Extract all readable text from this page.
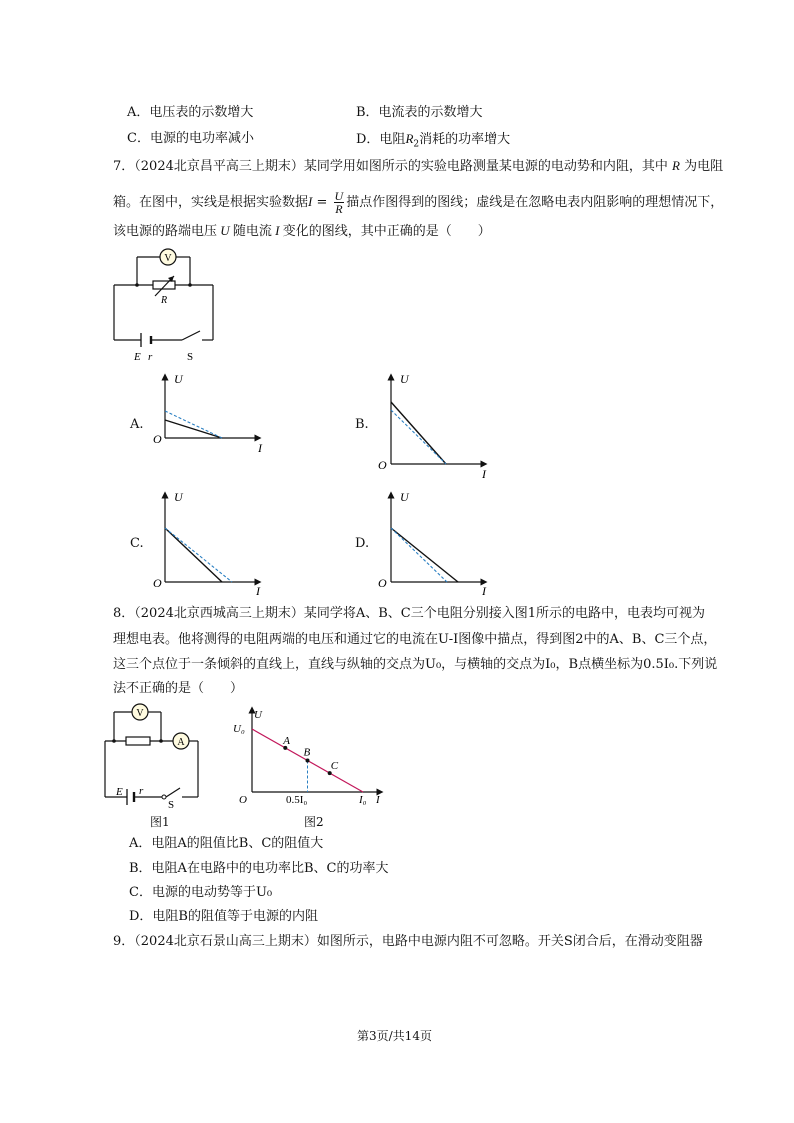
A．电压表的示数增大	B．电流表的示数增大
C．电源的电功率减小	D．电阻$R_2$消耗的功率增大
7．（2024北京昌平高三上期末）某同学用如图所示的实验电路测量某电源的电动势和内阻，其中 R 为电阻
箱。在图中，实线是根据实验数据$I = \frac{U}{R}$ 描点作图得到的图线；虚线是在忽略电表内阻影响的理想情况下，
该电源的路端电压 U 随电流 I 变化的图线，其中正确的是（　　）
V
R
E r	S
A.	B.
C.	D.
U
O
I
U
O
I
U
O
I
U
O
I
8．（2024北京西城高三上期末）某同学将A、B、C三个电阻分别接入图1所示的电路中，电表均可视为
理想电表。他将测得的电阻两端的电压和通过它的电流在U-I图像中描点，得到图2中的A、B、C三个点，
这三个点位于一条倾斜的直线上，直线与纵轴的交点为U₀，与横轴的交点为I₀，B点横坐标为0.5I₀.下列说
法不正确的是（　　）
V
A
E r
S
图1
A
B
C
U
U₀
O	0.5I₀	I₀ I
图2
A．电阻A的阻值比B、C的阻值大
B．电阻A在电路中的电功率比B、C的功率大
C．电源的电动势等于U₀
D．电阻B的阻值等于电源的内阻
9．（2024北京石景山高三上期末）如图所示，电路中电源内阻不可忽略。开关S闭合后，在滑动变阻器
第3页/共14页
